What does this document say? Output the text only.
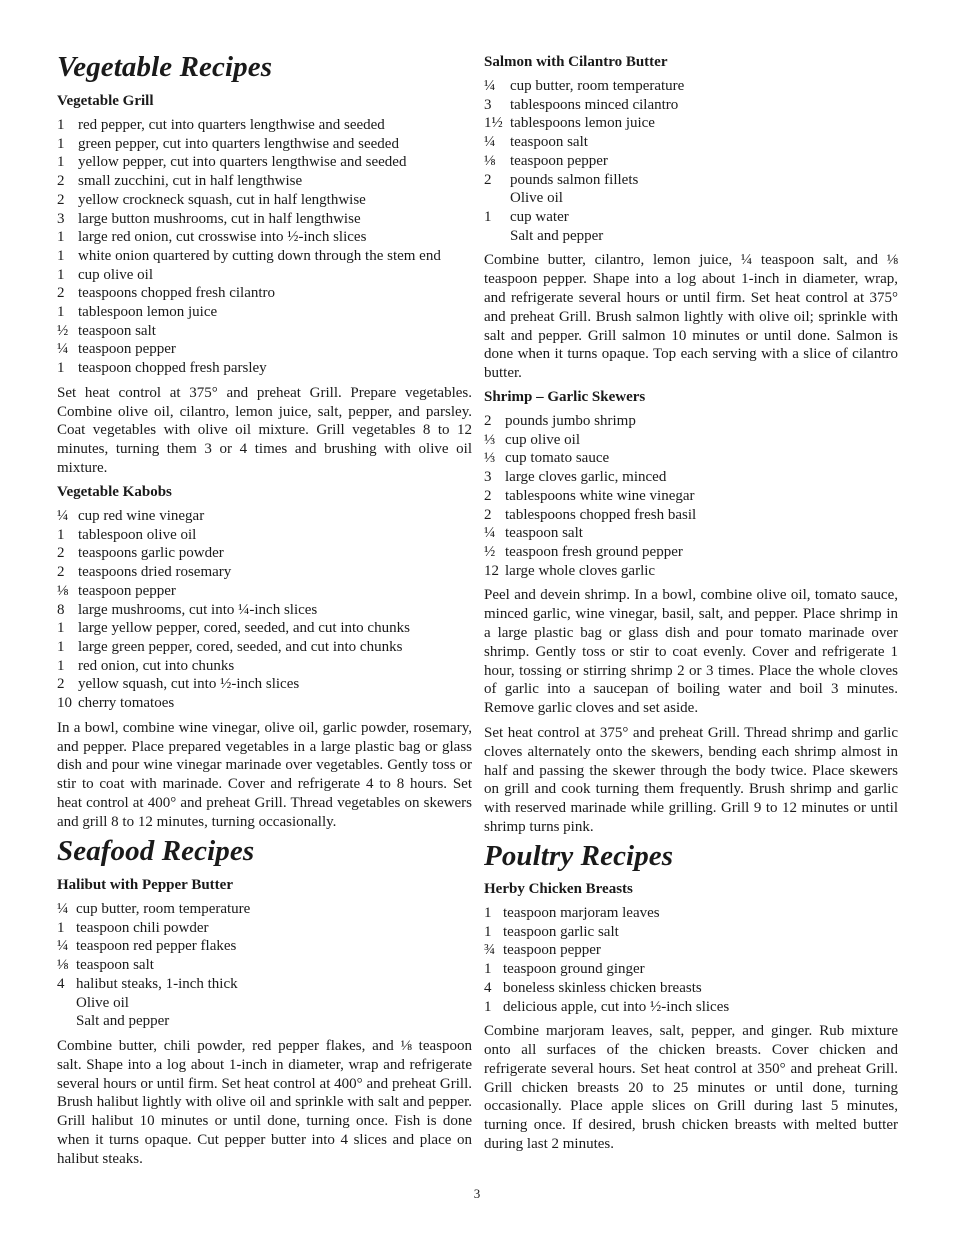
Vegetable Recipes
Vegetable Grill
1 red pepper, cut into quarters lengthwise and seeded
1 green pepper, cut into quarters lengthwise and seeded
1 yellow pepper, cut into quarters lengthwise and seeded
2 small zucchini, cut in half lengthwise
2 yellow crockneck squash, cut in half lengthwise
3 large button mushrooms, cut in half lengthwise
1 large red onion, cut crosswise into ½-inch slices
1 white onion quartered by cutting down through the stem end
1 cup olive oil
2 teaspoons chopped fresh cilantro
1 tablespoon lemon juice
½ teaspoon salt
¼ teaspoon pepper
1 teaspoon chopped fresh parsley

Set heat control at 375° and preheat Grill. Prepare vegetables. Combine olive oil, cilantro, lemon juice, salt, pepper, and parsley. Coat vegetables with olive oil mixture. Grill vegetables 8 to 12 minutes, turning them 3 or 4 times and brushing with olive oil mixture.

Vegetable Kabobs
¼ cup red wine vinegar
1 tablespoon olive oil
2 teaspoons garlic powder
2 teaspoons dried rosemary
⅛ teaspoon pepper
8 large mushrooms, cut into ¼-inch slices
1 large yellow pepper, cored, seeded, and cut into chunks
1 large green pepper, cored, seeded, and cut into chunks
1 red onion, cut into chunks
2 yellow squash, cut into ½-inch slices
10 cherry tomatoes

In a bowl, combine wine vinegar, olive oil, garlic powder, rosemary, and pepper. Place prepared vegetables in a large plastic bag or glass dish and pour wine vinegar marinade over vegetables. Gently toss or stir to coat with marinade. Cover and refrigerate 4 to 8 hours. Set heat control at 400° and preheat Grill. Thread vegetables on skewers and grill 8 to 12 minutes, turning occasionally.

Seafood Recipes
Halibut with Pepper Butter
¼ cup butter, room temperature
1 teaspoon chili powder
¼ teaspoon red pepper flakes
⅛ teaspoon salt
4 halibut steaks, 1-inch thick
Olive oil
Salt and pepper

Combine butter, chili powder, red pepper flakes, and ⅛ teaspoon salt. Shape into a log about 1-inch in diameter, wrap and refrigerate several hours or until firm. Set heat control at 400° and preheat Grill. Brush halibut lightly with olive oil and sprinkle with salt and pepper. Grill halibut 10 minutes or until done, turning once. Fish is done when it turns opaque. Cut pepper butter into 4 slices and place on halibut steaks.

Salmon with Cilantro Butter
¼ cup butter, room temperature
3	tablespoons minced cilantro
1½ tablespoons lemon juice
¼ teaspoon salt
⅛ teaspoon pepper
2	pounds salmon fillets
Olive oil
1	cup water
Salt and pepper

Combine butter, cilantro, lemon juice, ¼ teaspoon salt, and ⅛ teaspoon pepper. Shape into a log about 1-inch in diameter, wrap, and refrigerate several hours or until firm. Set heat control at 375° and preheat Grill. Brush salmon lightly with olive oil; sprinkle with salt and pepper. Grill salmon 10 minutes or until done. Salmon is done when it turns opaque. Top each serving with a slice of cilantro butter.

Shrimp – Garlic Skewers
2 pounds jumbo shrimp
⅓ cup olive oil
⅓ cup tomato sauce
3 large cloves garlic, minced
2 tablespoons white wine vinegar
2 tablespoons chopped fresh basil
¼ teaspoon salt
½ teaspoon fresh ground pepper
12 large whole cloves garlic

Peel and devein shrimp. In a bowl, combine olive oil, tomato sauce, minced garlic, wine vinegar, basil, salt, and pepper. Place shrimp in a large plastic bag or glass dish and pour tomato marinade over shrimp. Gently toss or stir to coat evenly. Cover and refrigerate 1 hour, tossing or stirring shrimp 2 or 3 times. Place the whole cloves of garlic into a saucepan of boiling water and boil 3 minutes. Remove garlic cloves and set aside.

Set heat control at 375° and preheat Grill. Thread shrimp and garlic cloves alternately onto the skewers, bending each shrimp almost in half and passing the skewer through the body twice. Place skewers on grill and cook turning them frequently. Brush shrimp and garlic with reserved marinade while grilling. Grill 9 to 12 minutes or until shrimp turns pink.

Poultry Recipes
Herby Chicken Breasts
1 teaspoon marjoram leaves
1 teaspoon garlic salt
¾ teaspoon pepper
1 teaspoon ground ginger
4 boneless skinless chicken breasts
1 delicious apple, cut into ½-inch slices

Combine marjoram leaves, salt, pepper, and ginger. Rub mixture onto all surfaces of the chicken breasts. Cover chicken and refrigerate several hours. Set heat control at 350° and preheat Grill. Grill chicken breasts 20 to 25 minutes or until done, turning occasionally. Place apple slices on Grill during last 5 minutes, turning once. If desired, brush chicken breasts with melted butter during last 2 minutes.

3
